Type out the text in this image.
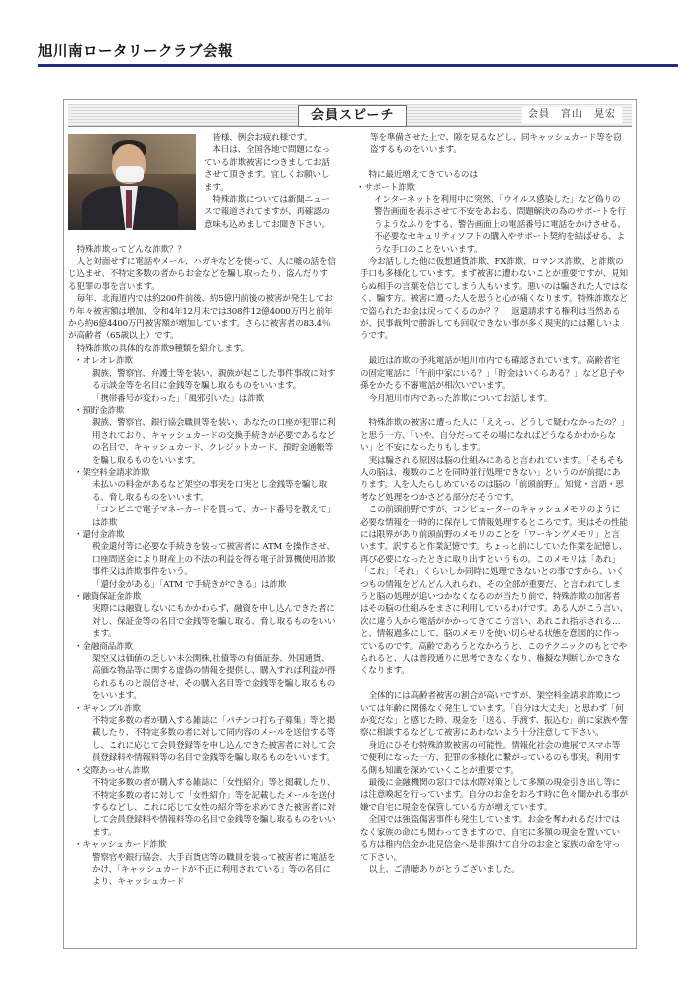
旭川南ロータリークラブ会報
会員スピーチ	会員　宮山　晃宏

　皆様、例会お疲れ様です。
　本日は、全国各地で問題になっている詐欺被害につきましてお話させて頂きます。宜しくお願いします。
　特殊詐欺については新聞ニュースで報道されてますが、再確認の意味も込めましてお聞き下さい。

特殊詐欺ってどんな詐欺？？

人と対面せずに電話やメール、ハガキなどを使って、人に嘘の話を信じ込ませ、不特定多数の者からお金などを騙し取ったり、盗んだりする犯罪の事を言います。

毎年、北海道内では約200件前後、約5億円前後の被害が発生しており年々被害額は増加、令和4年12月末では308件12億4000万円と前年から約6億4400万円被害額が増加しています。さらに被害者の83.4％が高齢者（65歳以上）です。

特殊詐欺の具体的な詐欺9種類を紹介します。

・オレオレ詐欺
親族、警察官、弁護士等を装い、親族が起こした事件事故に対する示談金等を名目に金銭等を騙し取るものをいいます。
「携帯番号が変わった」「風邪引いた」は詐欺
・預貯金詐欺
親族、警察官、銀行協会職員等を装い、あなたの口座が犯罪に利用されており、キャッシュカードの交換手続きが必要であるなどの名目で、キャッシュカード、クレジットカード、預貯金通帳等を騙し取るものをいいます。
・架空料金請求詐欺
未払いの料金があるなど架空の事実を口実とし金銭等を騙し取る、脅し取るものをいいます。
「コンビニで電子マネーカードを買って、カード番号を教えて」は詐欺
・還付金詐欺
税金還付等に必要な手続きを装って被害者に ATM を操作させ、口座間送金により財産上の不法の利益を得る電子計算機使用詐欺事件又は詐欺事件をいう。
「還付金がある」「ATM で手続きができる」は詐欺
・融資保証金詐欺
実際には融資しないにもかかわらず、融資を申し込んできた者に対し、保証金等の名目で金銭等を騙し取る、脅し取るものをいいます。
・金融商品詐欺
架空又は価値の乏しい未公開株,社債等の有価証券、外国通貨、高価な物品等に関する虚偽の情報を提供し、購入すれば利益が得られるものと誤信させ、その購入名目等で金銭等を騙し取るものをいいます。
・ギャンブル詐欺
不特定多数の者が購入する雑誌に「パチンコ打ち子募集」等と掲載したり、不特定多数の者に対して同内容のメールを送信する等し、これに応じて会員登録等を申し込んできた被害者に対して会員登録料や情報料等の名目で金銭等を騙し取るものをいいます。
・交際あっせん詐欺
不特定多数の者が購入する雑誌に「女性紹介」等と掲載したり、不特定多数の者に対して「女性紹介」等を記載したメールを送付するなどし、これに応じて女性の紹介等を求めてきた被害者に対して会員登録料や情報料等の名目で金銭等を騙し取るものをいいます。
・キャッシュカード詐欺
警察官や銀行協会、大手百貨店等の職員を装って被害者に電話をかけ、「キャッシュカードが不正に利用されている」等の名目により、キャッシュカード

等を準備させた上で、隙を見るなどし、同キャッシュカード等を窃盗するものをいいます。

特に最近増えてきているのは

・サポート詐欺
インターネットを利用中に突然、「ウイルス感染した」など偽りの警告画面を表示させて不安をあおる、問題解決の為のサポートを行うようなふりをする、警告画面上の電話番号に電話をかけさせる、不必要なセキュリティソフトの購入やサポート契約を結ばせる、ような手口のことをいいます。

今お話しした他に仮想通貨詐欺、FX詐欺、ロマンス詐欺、と詐欺の手口も多様化しています。まず被害に遭わないことが重要ですが、見知らぬ相手の言葉を信じてしまう人もいます。悪いのは騙された人ではなく、騙す方。被害に遭った人を思うと心が痛くなります。特殊詐欺などで盗られたお金は戻ってくるのか？？　返還請求する権利は当然あるが、民事裁判で勝訴しても回収できない事が多く現実的には難しいようです。

最近は詐欺の予兆電話が旭川市内でも確認されています。高齢者宅の固定電話に「午前中家にいる？」「貯金はいくらある？」など息子や孫をかたる不審電話が相次いでいます。

今月旭川市内であった詐欺についてお話します。

特殊詐欺の被害に遭った人に「ええっ、どうして疑わなかったの？」と思う一方、「いや、自分だってその場になればどうなるかわからない」と不安になったりもします。

実は騙される原因は脳の仕組みにあると言われています。「そもそも人の脳は、複数のことを同時並行処理できない」というのが前提にあります。人を人たらしめているのは脳の「前頭前野」。知覚・言語・思考など処理をつかさどる部分だそうです。

この前頭前野ですが、コンピューターのキャッシュメモリのように必要な情報を一時的に保存して情報処理するところです。実はその性能には限界があり前頭前野のメモリのことを「ワーキングメモリ」と言います。訳すると作業記憶です。ちょっと前にしていた作業を記憶し、再び必要になったときに取り出すというもの。このメモリは「あれ」「これ」「それ」くらいしか同時に処理できないとの事ですから、いくつもの情報をどんどん入れられ、その全部が重要だ、と言われてしまうと脳の処理が追いつかなくなるのが当たり前で、特殊詐欺の加害者はその脳の仕組みをまさに利用しているわけです。ある人がこう言い、次に違う人から電話がかかってきてこう言い、あれこれ指示される…と、情報過多にして、脳のメモリを使い切らせる状態を意図的に作っているのです。高齢であろうとなかろうと、このテクニックのもとでやられると、人は普段通りに思考できなくなり、権擬な判断しかできなくなります。

全体的には高齢者被害の割合が高いですが、架空料金請求詐欺については年齢に関係なく発生しています。「自分は大丈夫」と思わず「何か変だな」と感じた時、現金を「送る、手渡す、振込む」前に家族や警察に相談するなどして被害にあわないよう十分注意して下さい。

身近にひそむ特殊詐欺被害の可能性。情報化社会の進展でスマホ等で便利になった一方、犯罪の多様化に繋がっているのも事実。利用する側も知識を深めていくことが重要です。

最後に金融機関の窓口では水際対策として多額の現金引き出し等には注意喚起を行っています。自分のお金をおろす時に色々聞かれる事が嫌で自宅に現金を保管している方が増えています。

全国では強盗傷害事件も発生しています。お金を奪われるだけではなく家族の命にも関わってきますので、自宅に多額の現金を置いている方は稚内信金か北見信金へ是非預けて自分のお金と家族の命を守って下さい。

以上、ご清聴ありがとうございました。
